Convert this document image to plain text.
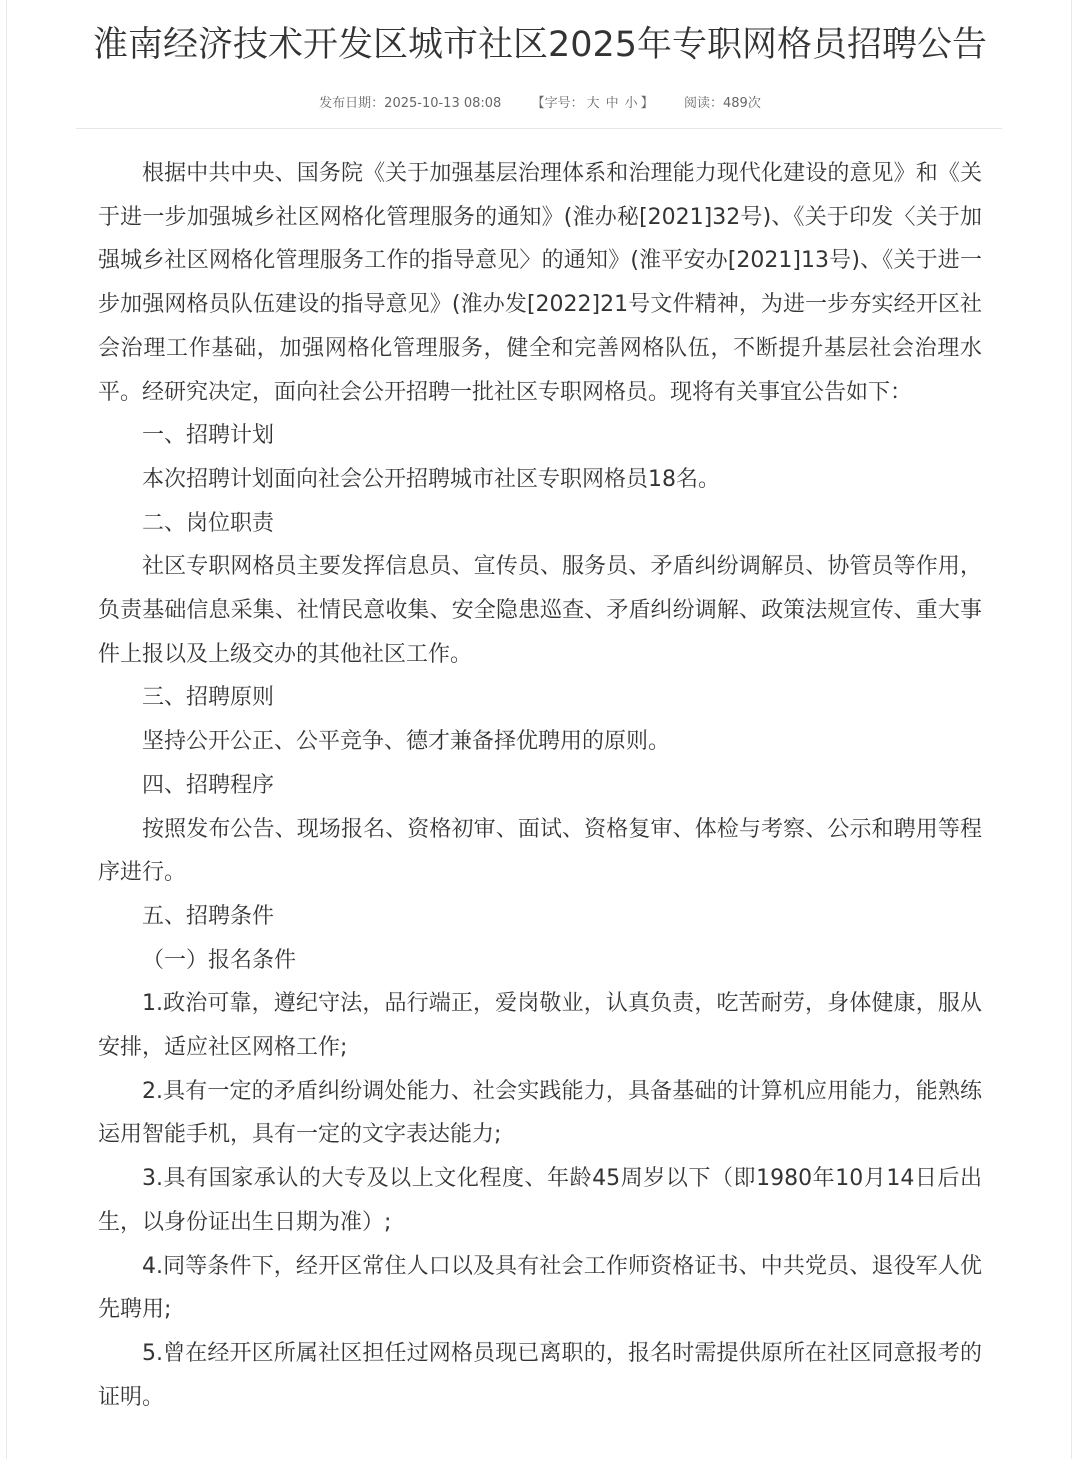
淮南经济技术开发区城市社区2025年专职网格员招聘公告
发布日期：2025-10-13 08:08 【字号： 大 中 小 】 阅读：489次

根据中共中央、国务院《关于加强基层治理体系和治理能力现代化建设的意见》和《关于进一步加强城乡社区网格化管理服务的通知》(淮办秘[2021]32号)、《关于印发〈关于加强城乡社区网格化管理服务工作的指导意见〉的通知》(淮平安办[2021]13号)、《关于进一步加强网格员队伍建设的指导意见》(淮办发[2022]21号文件精神，为进一步夯实经开区社会治理工作基础，加强网格化管理服务，健全和完善网格队伍，不断提升基层社会治理水平。经研究决定，面向社会公开招聘一批社区专职网格员。现将有关事宜公告如下：

一、招聘计划

本次招聘计划面向社会公开招聘城市社区专职网格员18名。

二、岗位职责

社区专职网格员主要发挥信息员、宣传员、服务员、矛盾纠纷调解员、协管员等作用，负责基础信息采集、社情民意收集、安全隐患巡查、矛盾纠纷调解、政策法规宣传、重大事件上报以及上级交办的其他社区工作。

三、招聘原则

坚持公开公正、公平竞争、德才兼备择优聘用的原则。

四、招聘程序

按照发布公告、现场报名、资格初审、面试、资格复审、体检与考察、公示和聘用等程序进行。

五、招聘条件

（一）报名条件

1.政治可靠，遵纪守法，品行端正，爱岗敬业，认真负责，吃苦耐劳，身体健康，服从安排，适应社区网格工作;

2.具有一定的矛盾纠纷调处能力、社会实践能力，具备基础的计算机应用能力，能熟练运用智能手机，具有一定的文字表达能力;

3.具有国家承认的大专及以上文化程度、年龄45周岁以下（即1980年10月14日后出生，以身份证出生日期为准）;

4.同等条件下，经开区常住人口以及具有社会工作师资格证书、中共党员、退役军人优先聘用;

5.曾在经开区所属社区担任过网格员现已离职的，报名时需提供原所在社区同意报考的证明。
